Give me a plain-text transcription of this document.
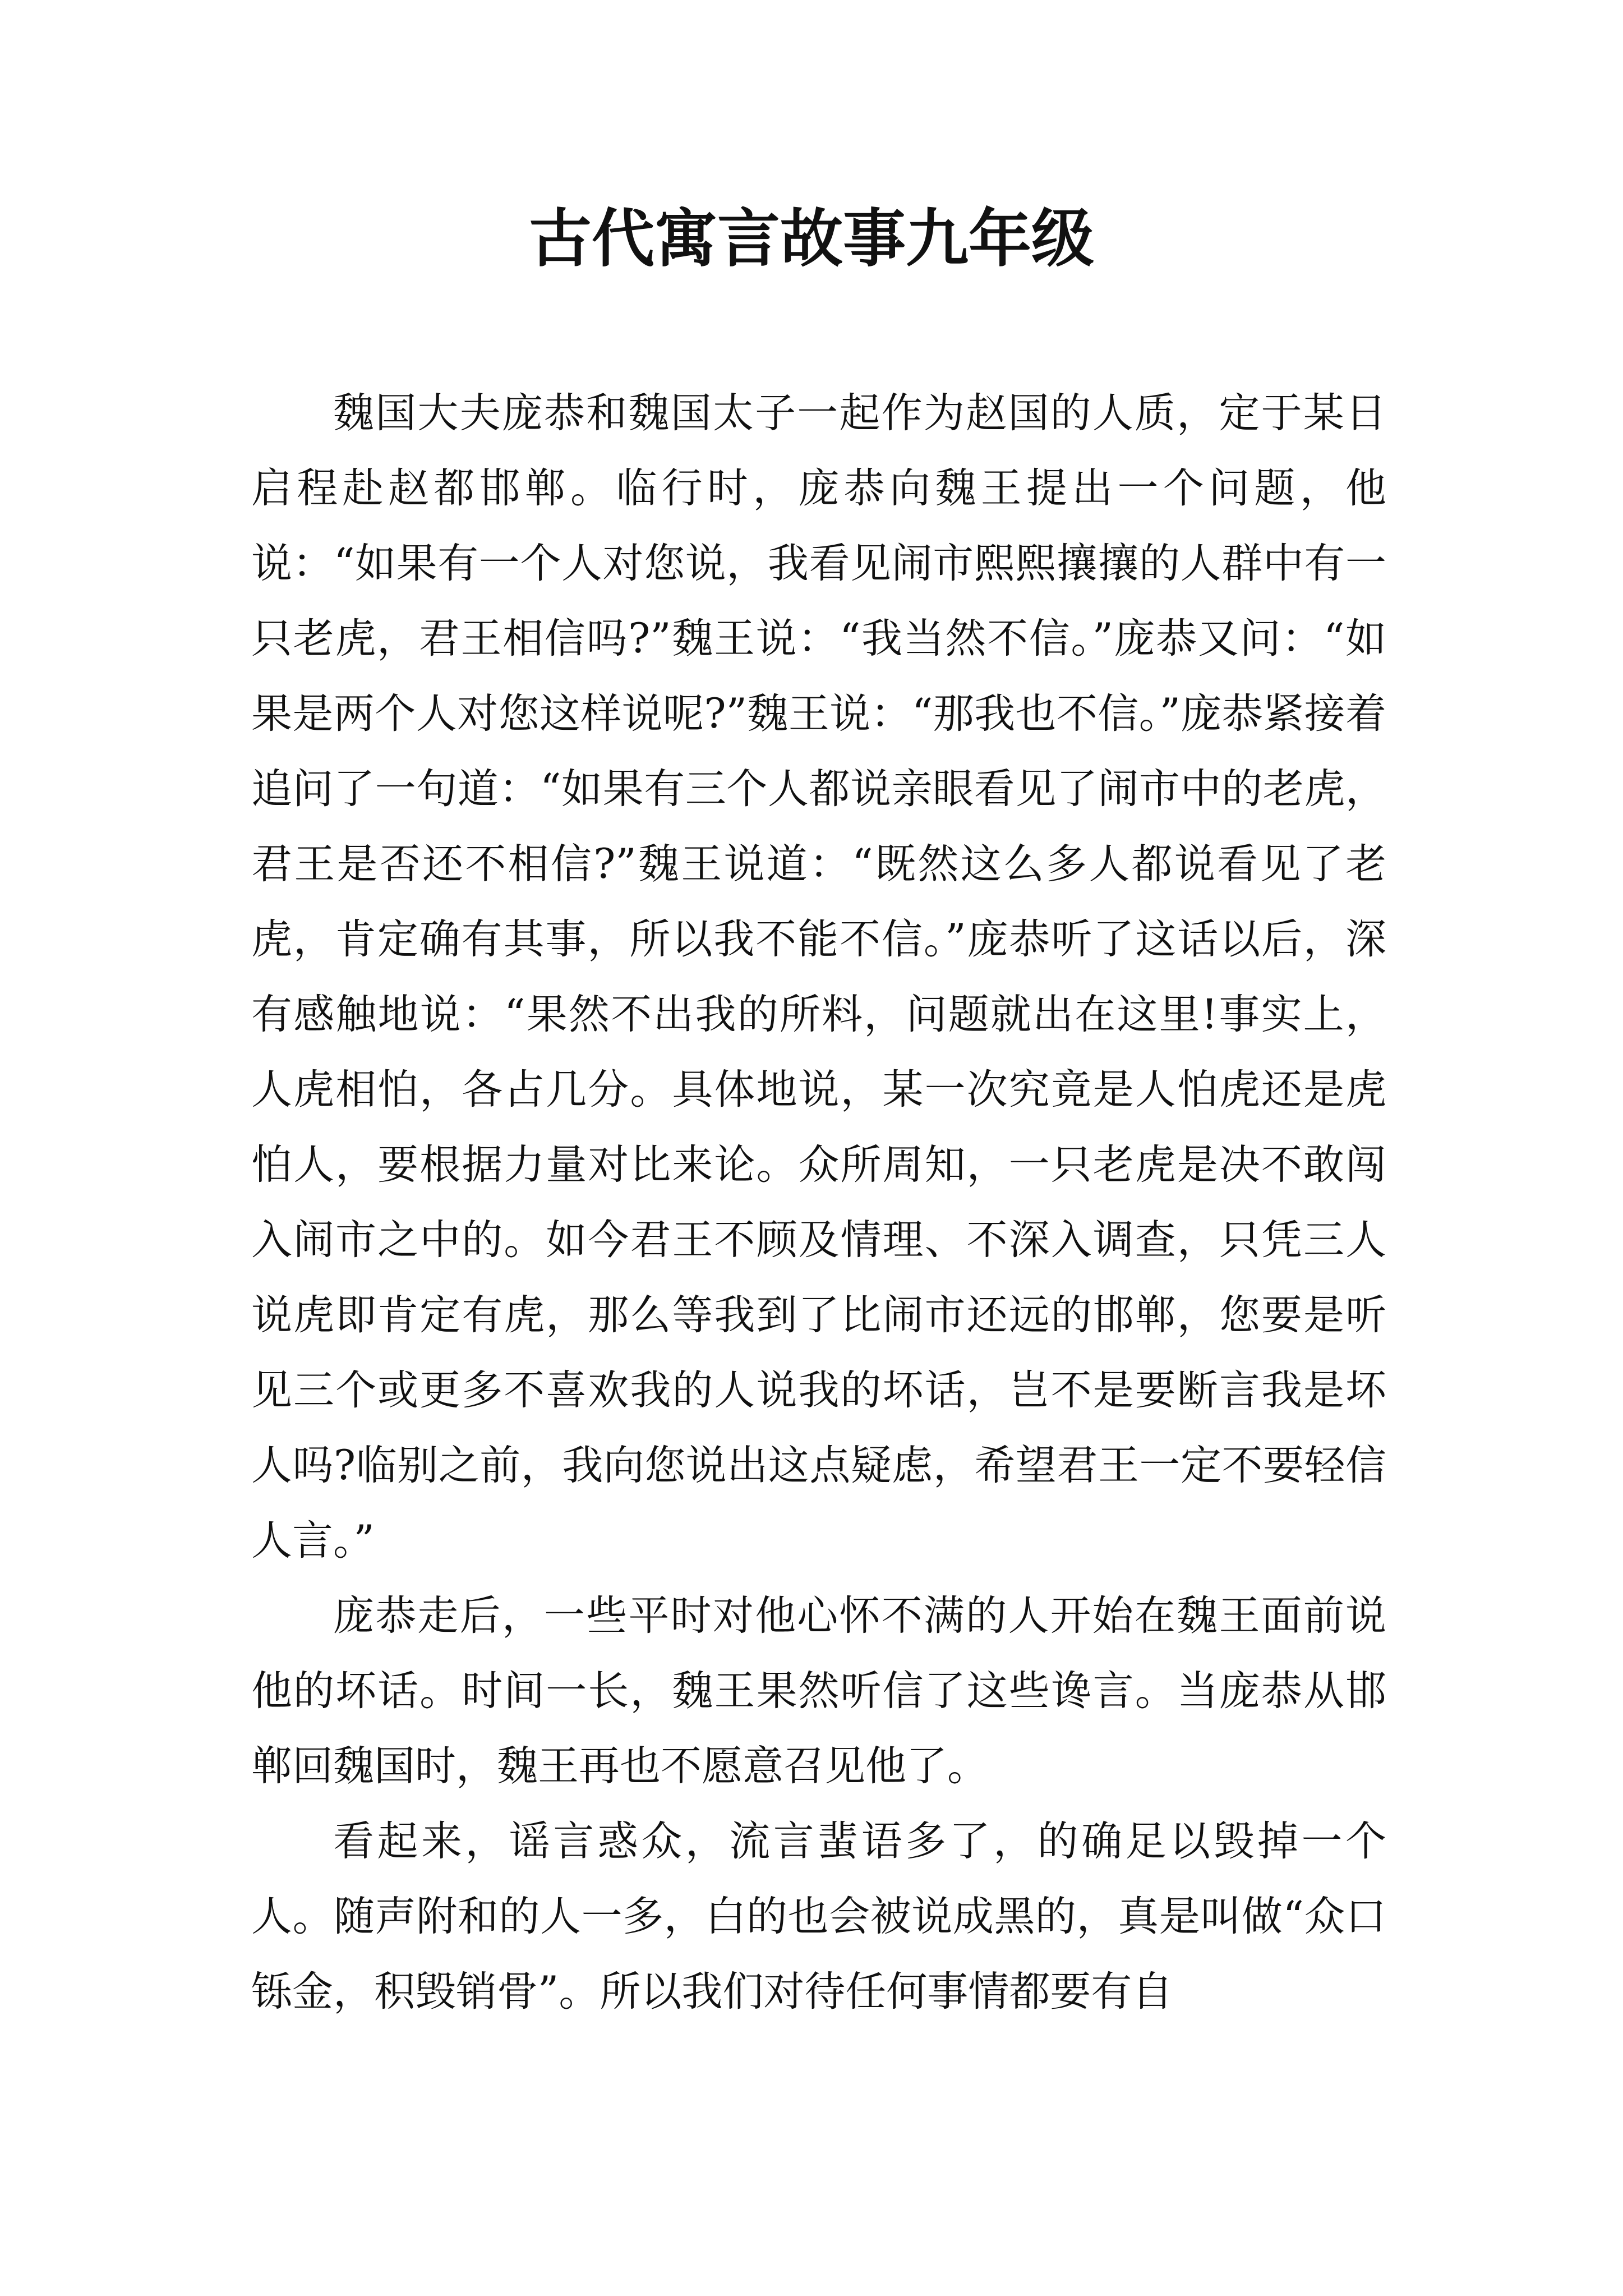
古代寓言故事九年级

魏国大夫庞恭和魏国太子一起作为赵国的人质，定于某日启程赴赵都邯郸。临行时，庞恭向魏王提出一个问题，他说：“如果有一个人对您说，我看见闹市熙熙攘攘的人群中有一只老虎，君王相信吗?”魏王说：“我当然不信。”庞恭又问：“如果是两个人对您这样说呢?”魏王说：“那我也不信。”庞恭紧接着追问了一句道：“如果有三个人都说亲眼看见了闹市中的老虎，君王是否还不相信?”魏王说道：“既然这么多人都说看见了老虎，肯定确有其事，所以我不能不信。”庞恭听了这话以后，深有感触地说：“果然不出我的所料，问题就出在这里!事实上，人虎相怕，各占几分。具体地说，某一次究竟是人怕虎还是虎怕人，要根据力量对比来论。众所周知，一只老虎是决不敢闯入闹市之中的。如今君王不顾及情理、不深入调查，只凭三人说虎即肯定有虎，那么等我到了比闹市还远的邯郸，您要是听见三个或更多不喜欢我的人说我的坏话，岂不是要断言我是坏人吗?临别之前，我向您说出这点疑虑，希望君王一定不要轻信人言。”

庞恭走后，一些平时对他心怀不满的人开始在魏王面前说他的坏话。时间一长，魏王果然听信了这些谗言。当庞恭从邯郸回魏国时，魏王再也不愿意召见他了。

看起来，谣言惑众，流言蜚语多了，的确足以毁掉一个人。随声附和的人一多，白的也会被说成黑的，真是叫做“众口铄金，积毁销骨”。所以我们对待任何事情都要有自
